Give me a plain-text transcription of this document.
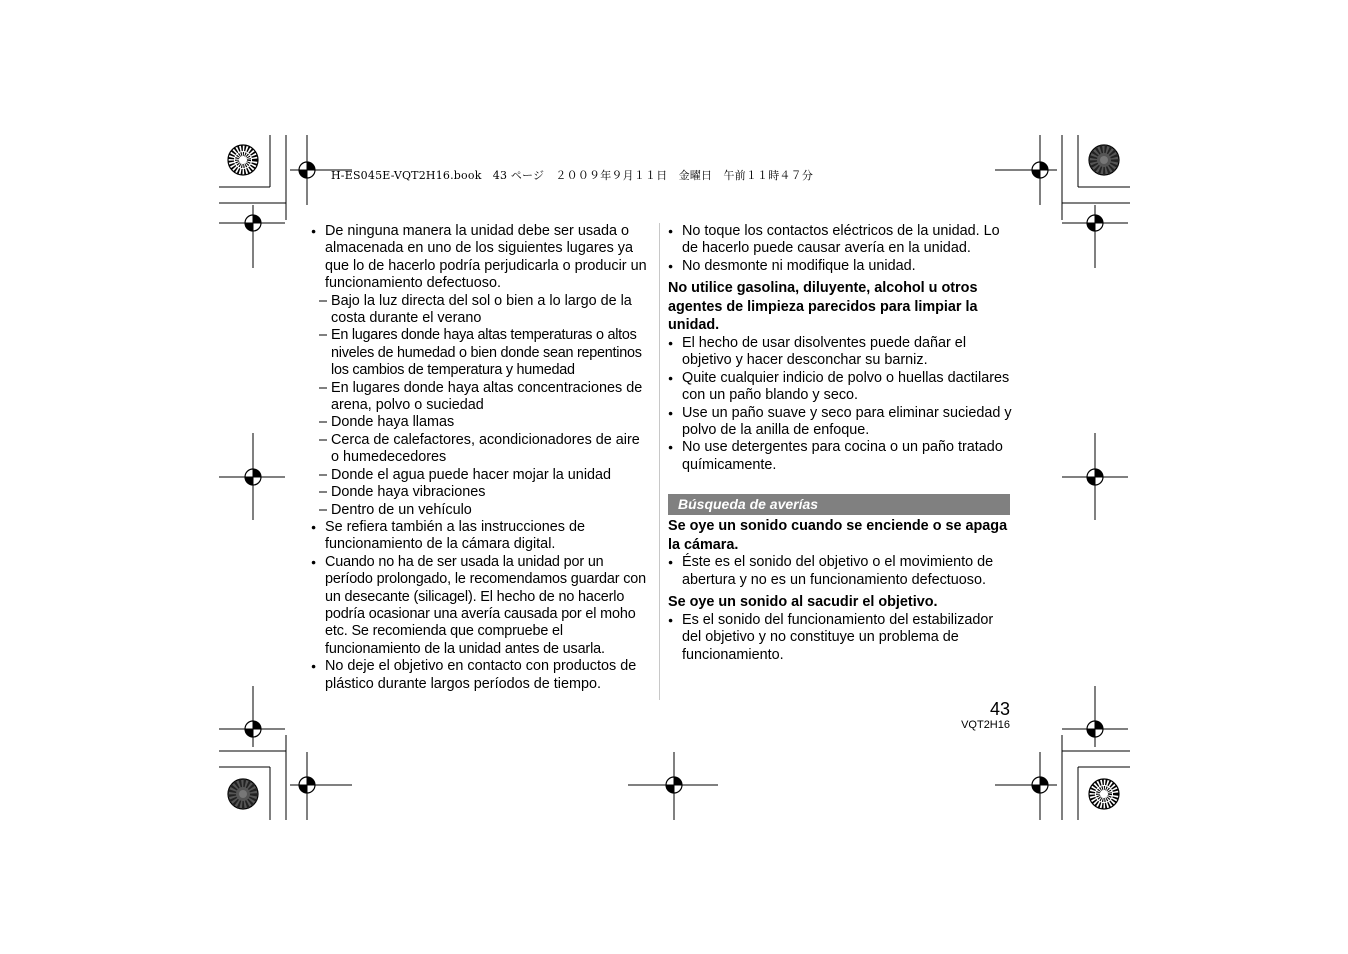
H-ES045E-VQT2H16.book　43 ページ　２００９年９月１１日　金曜日　午前１１時４７分
● De ninguna manera la unidad debe ser usada o almacenada en uno de los siguientes lugares ya que lo de hacerlo podría perjudicarla o producir un funcionamiento defectuoso.
– Bajo la luz directa del sol o bien a lo largo de la costa durante el verano
– En lugares donde haya altas temperaturas o altos niveles de humedad o bien donde sean repentinos los cambios de temperatura y humedad
– En lugares donde haya altas concentraciones de arena, polvo o suciedad
– Donde haya llamas
– Cerca de calefactores, acondicionadores de aire o humedecedores
– Donde el agua puede hacer mojar la unidad
– Donde haya vibraciones
– Dentro de un vehículo
● Se refiera también a las instrucciones de funcionamiento de la cámara digital.
● Cuando no ha de ser usada la unidad por un período prolongado, le recomendamos guardar con un desecante (silicagel). El hecho de no hacerlo podría ocasionar una avería causada por el moho etc. Se recomienda que compruebe el funcionamiento de la unidad antes de usarla.
● No deje el objetivo en contacto con productos de plástico durante largos períodos de tiempo.
● No toque los contactos eléctricos de la unidad. Lo de hacerlo puede causar avería en la unidad.
● No desmonte ni modifique la unidad.
No utilice gasolina, diluyente, alcohol u otros agentes de limpieza parecidos para limpiar la unidad.
● El hecho de usar disolventes puede dañar el objetivo y hacer desconchar su barniz.
● Quite cualquier indicio de polvo o huellas dactilares con un paño blando y seco.
● Use un paño suave y seco para eliminar suciedad y polvo de la anilla de enfoque.
● No use detergentes para cocina o un paño tratado químicamente.
Búsqueda de averías
Se oye un sonido cuando se enciende o se apaga la cámara.
● Éste es el sonido del objetivo o el movimiento de abertura y no es un funcionamiento defectuoso.
Se oye un sonido al sacudir el objetivo.
● Es el sonido del funcionamiento del estabilizador del objetivo y no constituye un problema de funcionamiento.
43
VQT2H16
